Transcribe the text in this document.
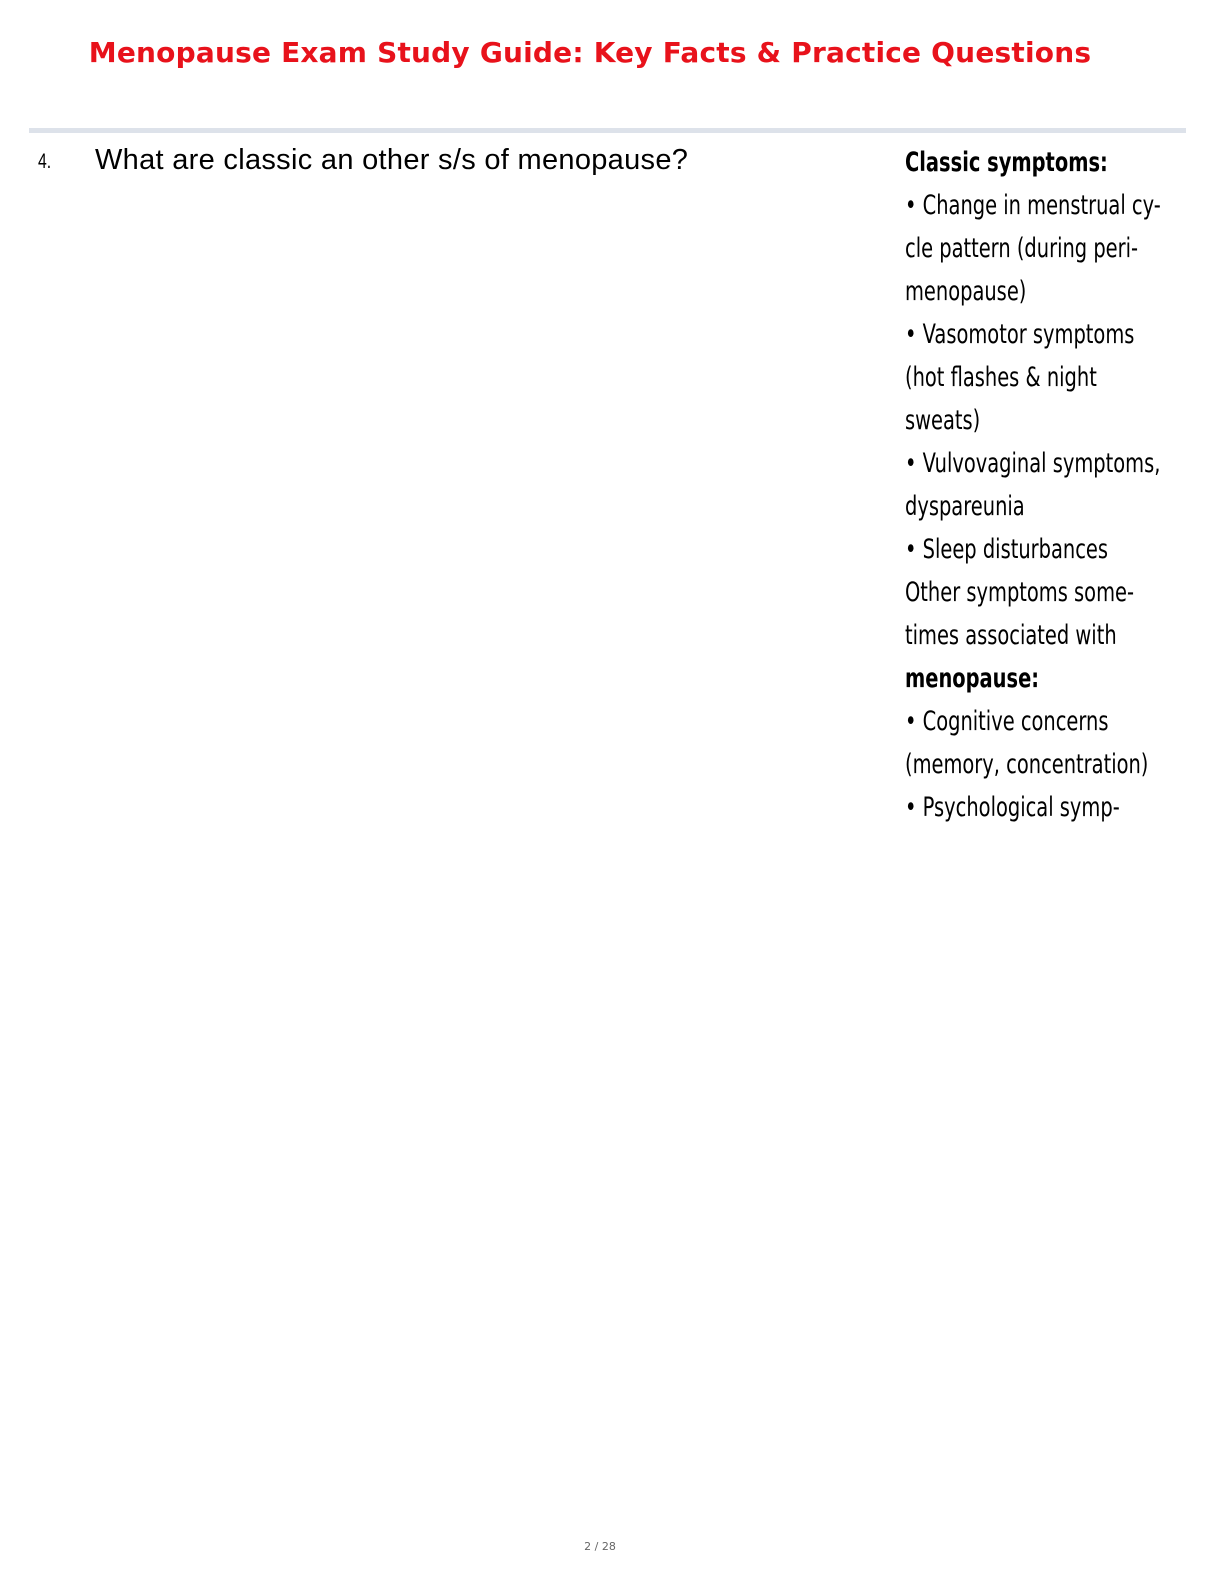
Menopause Exam Study Guide: Key Facts & Practice Questions
4. What are classic an other s/s of menopause?	Classic symptoms:
• Change in menstrual cy-
cle pattern (during peri-
menopause)
• Vasomotor symptoms
(hot flashes & night
sweats)
• Vulvovaginal symptoms,
dyspareunia
• Sleep disturbances
Other symptoms some-
times associated with
menopause:
• Cognitive concerns
(memory, concentration)
• Psychological symp-
2 / 28
